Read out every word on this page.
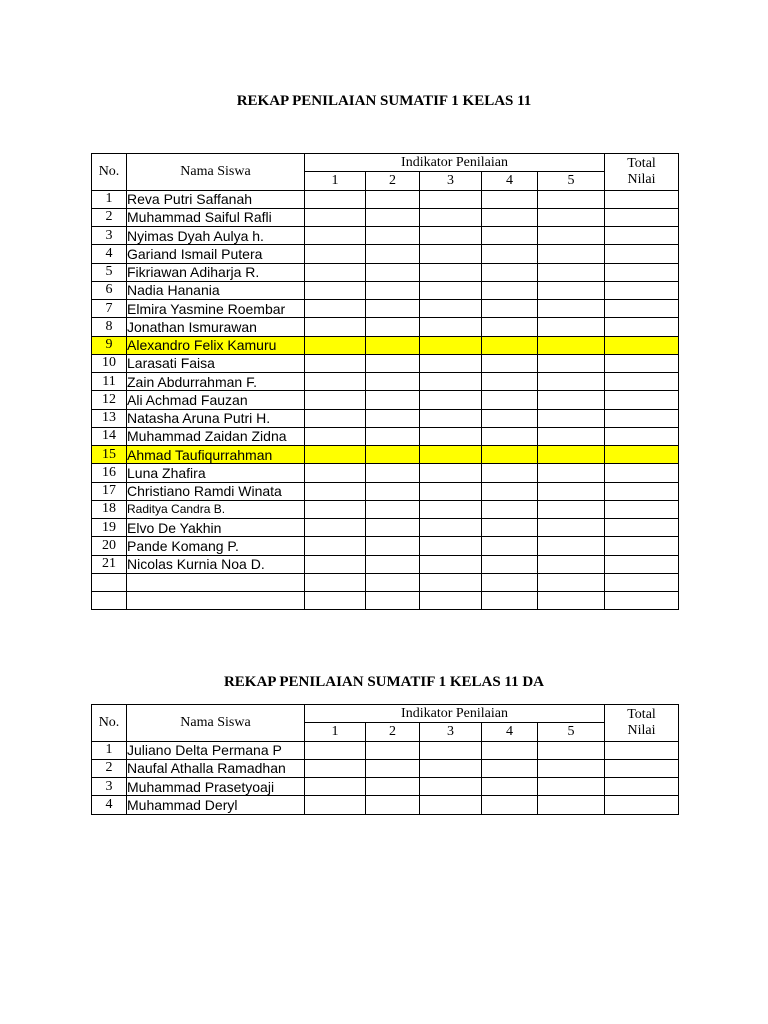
REKAP PENILAIAN SUMATIF 1 KELAS 11
No.	Nama Siswa	Indikator Penilaian					Total
Nilai

		1	2	3	4	5	
1	Reva Putri Saffanah						
2	Muhammad Saiful Rafli						
3	Nyimas Dyah Aulya h.						
4	Gariand Ismail Putera						
5	Fikriawan Adiharja R.						
6	Nadia Hanania						
7	Elmira Yasmine Roembar						
8	Jonathan Ismurawan						
9	Alexandro Felix Kamuru						
10	Larasati Faisa						
11	Zain Abdurrahman F.						
12	Ali Achmad Fauzan						
13	Natasha Aruna Putri H.						
14	Muhammad Zaidan Zidna						
15	Ahmad Taufiqurrahman						
16	Luna Zhafira						
17	Christiano Ramdi Winata						
18	Raditya Candra B.						
19	Elvo De Yakhin						
20	Pande Komang P.						
21	Nicolas Kurnia Noa D.						

REKAP PENILAIAN SUMATIF 1 KELAS 11 DA
No.	Nama Siswa	Indikator Penilaian					Total
Nilai

		1	2	3	4	5	
1	Juliano Delta Permana P						
2	Naufal Athalla Ramadhan						
3	Muhammad Prasetyoaji						
4	Muhammad Deryl						
